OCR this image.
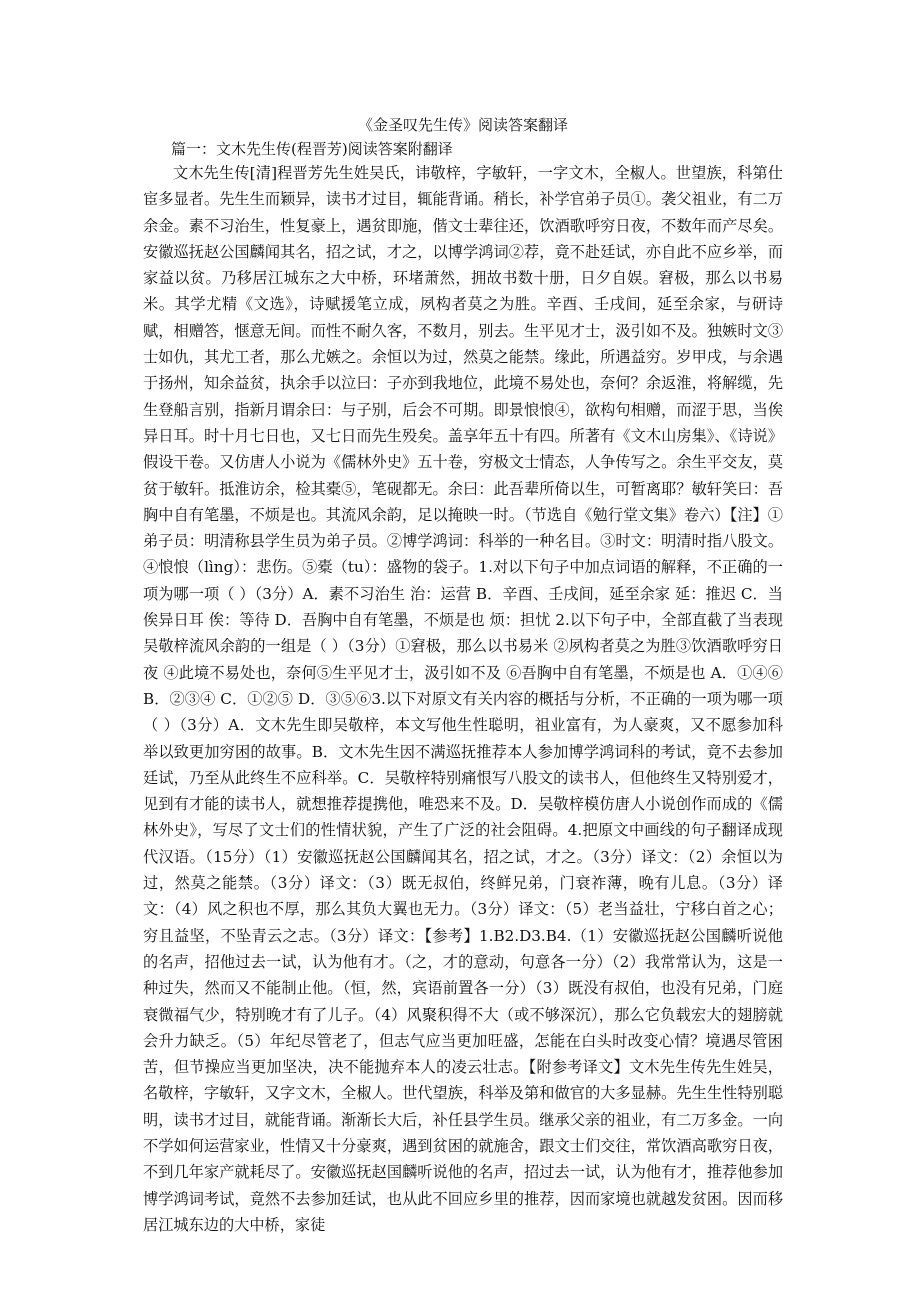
《金圣叹先生传》阅读答案翻译
篇一：文木先生传(程晋芳)阅读答案附翻译

文木先生传[清]程晋芳先生姓吴氏，讳敬梓，字敏轩，一字文木，全椒人。世望族，科第仕宦多显者。先生生而颖异，读书才过目，辄能背诵。稍长，补学官弟子员①。袭父祖业，有二万余金。素不习治生，性复豪上，遇贫即施，偕文士辈往还，饮酒歌呼穷日夜，不数年而产尽矣。安徽巡抚赵公国麟闻其名，招之试，才之，以博学鸿词②荐，竟不赴廷试，亦自此不应乡举，而家益以贫。乃移居江城东之大中桥，环堵萧然，拥故书数十册，日夕自娱。窘极，那么以书易米。其学尤精《文选》，诗赋援笔立成，夙构者莫之为胜。辛酉、壬戌间，延至余家，与研诗赋，相赠答，惬意无间。而性不耐久客，不数月，别去。生平见才士，汲引如不及。独嫉时文③士如仇，其尤工者，那么尤嫉之。余恒以为过，然莫之能禁。缘此，所遇益穷。岁甲戌，与余遇于扬州，知余益贫，执余手以泣曰：子亦到我地位，此境不易处也，奈何？余返淮，将解缆，先生登船言别，指新月谓余曰：与子别，后会不可期。即景悢悢④，欲构句相赠，而涩于思，当俟异日耳。时十月七日也，又七日而先生殁矣。盖享年五十有四。所著有《文木山房集》、《诗说》假设干卷。又仿唐人小说为《儒林外史》五十卷，穷极文士情态，人争传写之。余生平交友，莫贫于敏轩。抵淮访余，检其橐⑤，笔砚都无。余曰：此吾辈所倚以生，可暂离耶？敏轩笑曰：吾胸中自有笔墨，不烦是也。其流风余韵，足以掩映一时。（节选自《勉行堂文集》卷六）【注】①弟子员：明清称县学生员为弟子员。②博学鸿词：科举的一种名目。③时文：明清时指八股文。④悢悢（lìng）：悲伤。⑤橐（tu）：盛物的袋子。1.对以下句子中加点词语的解释，不正确的一项为哪一项（ ）（3分）A．素不习治生 治：运营 B．辛酉、壬戌间，延至余家 延：推迟 C．当俟异日耳 俟：等待 D．吾胸中自有笔墨，不烦是也 烦：担忧 2.以下句子中，全部直截了当表现吴敬梓流风余韵的一组是（ ）（3分）①窘极，那么以书易米 ②夙构者莫之为胜③饮酒歌呼穷日夜 ④此境不易处也，奈何⑤生平见才士，汲引如不及 ⑥吾胸中自有笔墨，不烦是也 A．①④⑥ B．②③④ C．①②⑤ D．③⑤⑥3.以下对原文有关内容的概括与分析，不正确的一项为哪一项（ ）（3分）A．文木先生即吴敬梓，本文写他生性聪明，祖业富有，为人豪爽，又不愿参加科举以致更加穷困的故事。B．文木先生因不满巡抚推荐本人参加博学鸿词科的考试，竟不去参加廷试，乃至从此终生不应科举。C．吴敬梓特别痛恨写八股文的读书人，但他终生又特别爱才，见到有才能的读书人，就想推荐提携他，唯恐来不及。D．吴敬梓模仿唐人小说创作而成的《儒林外史》，写尽了文士们的性情状貌，产生了广泛的社会阻碍。4.把原文中画线的句子翻译成现代汉语。（15分）（1）安徽巡抚赵公国麟闻其名，招之试，才之。（3分）译文：（2）余恒以为过，然莫之能禁。（3分）译文：（3）既无叔伯，终鲜兄弟，门衰祚薄，晚有儿息。（3分）译文：（4）风之积也不厚，那么其负大翼也无力。（3分）译文：（5）老当益壮，宁移白首之心；穷且益坚，不坠青云之志。（3分）译文：【参考】1.B2.D3.B4.（1）安徽巡抚赵公国麟听说他的名声，招他过去一试，认为他有才。（之，才的意动，句意各一分）（2）我常常认为，这是一种过失，然而又不能制止他。（恒，然，宾语前置各一分）（3）既没有叔伯，也没有兄弟，门庭衰微福气少，特别晚才有了儿子。（4）风聚积得不大（或不够深沉），那么它负载宏大的翅膀就会升力缺乏。（5）年纪尽管老了，但志气应当更加旺盛，怎能在白头时改变心情？境遇尽管困苦，但节操应当更加坚决，决不能抛弃本人的凌云壮志。【附参考译文】文木先生传先生姓吴，名敬梓，字敏轩，又字文木，全椒人。世代望族，科举及第和做官的大多显赫。先生生性特别聪明，读书才过目，就能背诵。渐渐长大后，补任县学生员。继承父亲的祖业，有二万多金。一向不学如何运营家业，性情又十分豪爽，遇到贫困的就施舍，跟文士们交往，常饮酒高歌穷日夜，不到几年家产就耗尽了。安徽巡抚赵国麟听说他的名声，招过去一试，认为他有才，推荐他参加博学鸿词考试，竟然不去参加廷试，也从此不回应乡里的推荐，因而家境也就越发贫困。因而移居江城东边的大中桥，家徒
